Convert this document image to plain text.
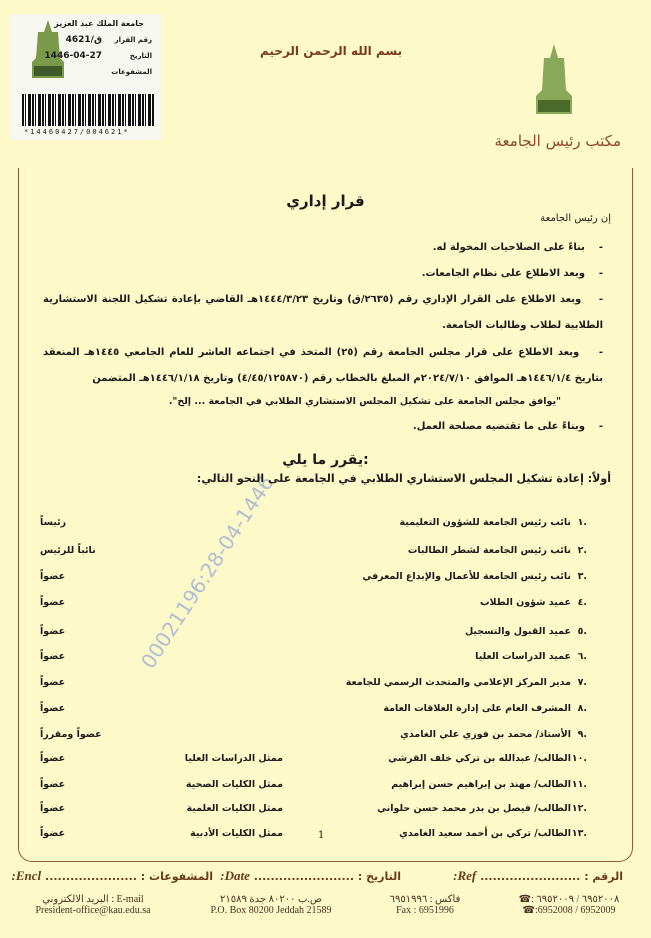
جامعة الملك عبد العزيز
رقم القرار
4621/ق
التاريخ
1446-04-27
المشفوعات
*14460427/004621*
بسم الله الرحمن الرحيم
مكتب رئيس الجامعة
00021196:28-04-1446
قرار إداري
إن رئيس الجامعة
-    بناءً على الصلاحيات المخولة له.
-    وبعد الاطلاع على نظام الجامعات.
-    وبعد الاطلاع على القرار الإداري رقم (٢٦٣٥/ق) وتاريخ ١٤٤٤/٣/٢٣هـ القاضي بإعادة تشكيل اللجنة الاستشارية الطلابية لطلاب وطالبات الجامعة.
-    وبعد الاطلاع على قرار مجلس الجامعة رقم (٢٥) المتخذ في اجتماعه العاشر للعام الجامعي ١٤٤٥هـ المنعقد بتاريخ ١٤٤٦/١/٤هـ الموافق ٢٠٢٤/٧/١٠م المبلغ بالخطاب رقم (٤/٤٥/١٢٥٨٧٠) وتاريخ ١٤٤٦/١/١٨هـ المتضمن
"يوافق مجلس الجامعة على تشكيل المجلس الاستشاري الطلابي في الجامعة ... إلخ".
-    وبناءً على ما تقتضيه مصلحة العمل.
يقرر ما يلي:
أولاً: إعادة تشكيل المجلس الاستشاري الطلابي في الجامعة على النحو التالي:
١.
نائب رئيس الجامعة للشؤون التعليمية
رئيساً
٢.
نائب رئيس الجامعة لشطر الطالبات
نائباً للرئيس
٣.
نائب رئيس الجامعة للأعمال والإبداع المعرفي
عضواً
٤.
عميد شؤون الطلاب
عضواً
٥.
عميد القبول والتسجيل
عضواً
٦.
عميد الدراسات العليا
عضواً
٧.
مدير المركز الإعلامي والمتحدث الرسمي للجامعة
عضواً
٨.
المشرف العام على إدارة العلاقات العامة
عضواً
٩.
الأستاذ/ محمد بن فوزي علي الغامدي
عضواً ومقرراً
١٠.
الطالب/ عبدالله بن تركي خلف القرشي
ممثل الدراسات العليا
عضواً
١١.
الطالب/ مهند بن إبراهيم حسن إبراهيم
ممثل الكليات الصحية
عضواً
١٢.
الطالب/ فيصل بن بدر محمد حسن حلواني
ممثل الكليات العلمية
عضواً
١٣.
الطالب/ تركي بن أحمد سعيد الغامدي
ممثل الكليات الأدبية
عضواً	1
الرقم : ........................ Ref:
التاريخ : ........................ Date:
المشفوعات : ...................... Encl:
☎: ٦٩٥٢٠٠٨ / ٦٩٥٢٠٠٩
☎:6952008 / 6952009
فاكس : ٦٩٥١٩٩٦
Fax : 6951996
ص.ب ٨٠٢٠٠ جدة ٢١٥٨٩
P.O. Box 80200 Jeddah 21589
البريد الالكتروني : E-mail
President-office@kau.edu.sa
